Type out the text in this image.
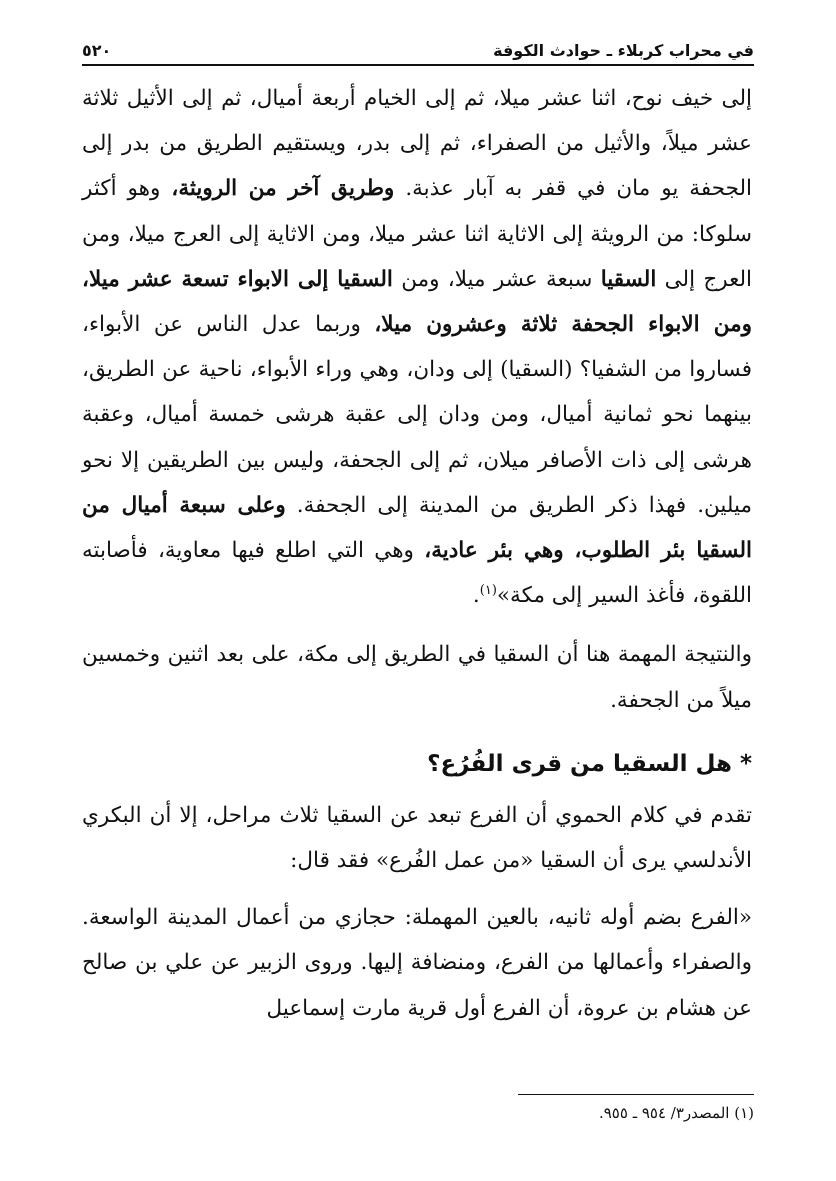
في محراب كربلاء ـ حوادث الكوفة
٥٢٠

إلى خيف نوح، اثنا عشر ميلا، ثم إلى الخيام أربعة أميال، ثم إلى الأثيل ثلاثة عشر ميلاً، والأثيل من الصفراء، ثم إلى بدر، ويستقيم الطريق من بدر إلى الجحفة يو مان في قفر به آبار عذبة. وطريق آخر من الرويثة، وهو أكثر سلوكا: من الرويثة إلى الاثاية اثنا عشر ميلا، ومن الاثاية إلى العرج ميلا، ومن العرج إلى السقيا سبعة عشر ميلا، ومن السقيا إلى الابواء تسعة عشر ميلا، ومن الابواء الجحفة ثلاثة وعشرون ميلا، وربما عدل الناس عن الأبواء، فساروا من الشفيا؟ (السقيا) إلى ودان، وهي وراء الأبواء، ناحية عن الطريق، بينهما نحو ثمانية أميال، ومن ودان إلى عقبة هرشى خمسة أميال، وعقبة هرشى إلى ذات الأصافر ميلان، ثم إلى الجحفة، وليس بين الطريقين إلا نحو ميلين. فهذا ذكر الطريق من المدينة إلى الجحفة. وعلى سبعة أميال من السقيا بئر الطلوب، وهي بئر عادية، وهي التي اطلع فيها معاوية، فأصابته اللقوة، فأغذ السير إلى مكة»$^{(١)}$.

والنتيجة المهمة هنا أن السقيا في الطريق إلى مكة، على بعد اثنين وخمسين ميلاً من الجحفة.

* هل السقيا من قرى الفُرُع؟

تقدم في كلام الحموي أن الفرع تبعد عن السقيا ثلاث مراحل، إلا أن البكري الأندلسي يرى أن السقيا «من عمل الفُرع» فقد قال:

«الفرع بضم أوله ثانيه، بالعين المهملة: حجازي من أعمال المدينة الواسعة. والصفراء وأعمالها من الفرع، ومنضافة إليها. وروى الزبير عن علي بن صالح عن هشام بن عروة، أن الفرع أول قرية مارت إسماعيل

(١) المصدر٣/ ٩٥٤ ـ ٩٥٥.
